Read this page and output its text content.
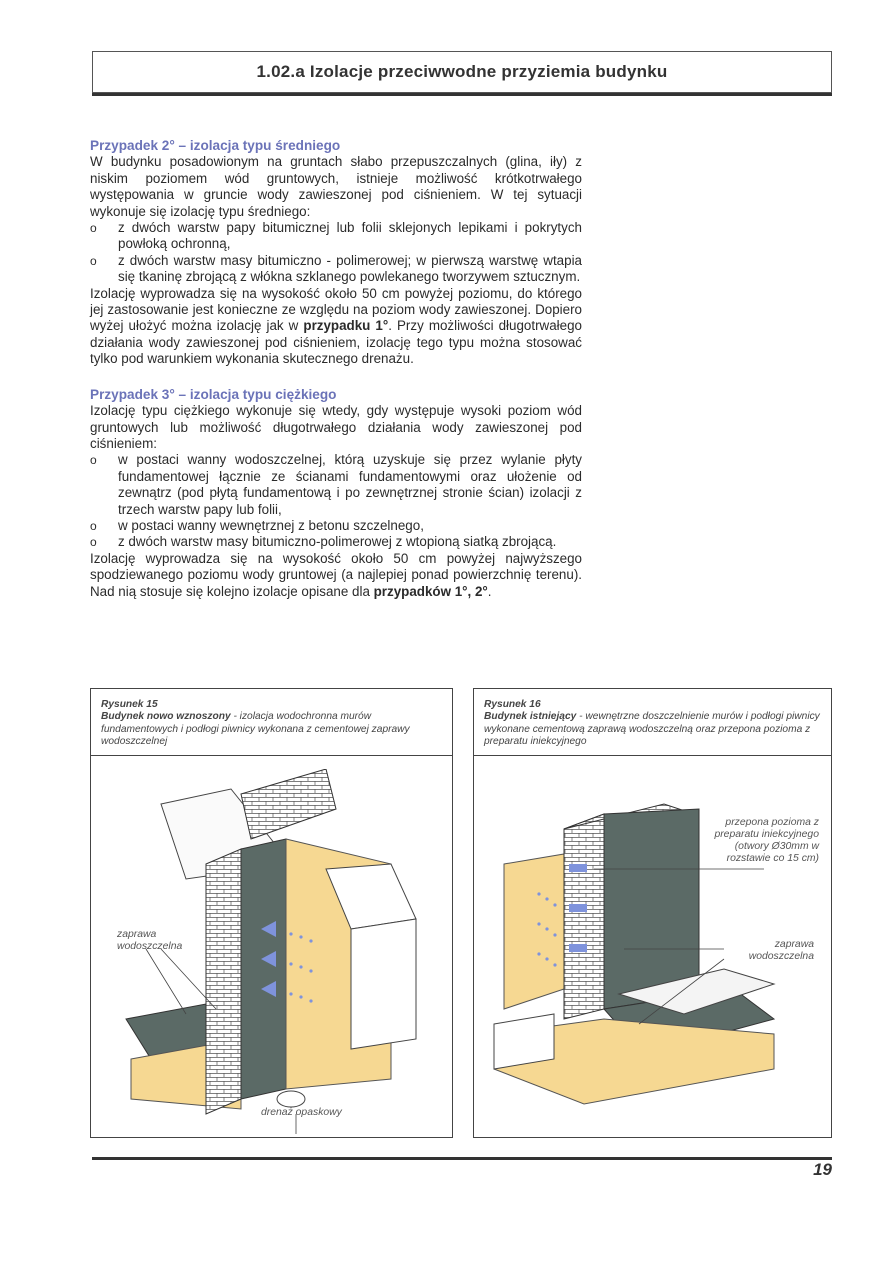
1.02.a Izolacje przeciwwodne przyziemia budynku
Przypadek 2° – izolacja typu średniego

W budynku posadowionym na gruntach słabo przepuszczalnych (glina, iły) z niskim poziomem wód gruntowych, istnieje możliwość krótkotrwałego występowania w gruncie wody zawieszonej pod ciśnieniem. W tej sytuacji wykonuje się izolację typu średniego:

o z dwóch warstw papy bitumicznej lub folii sklejonych lepikami i pokrytych powłoką ochronną,
o z dwóch warstw masy bitumiczno - polimerowej; w pierwszą warstwę wtapia się tkaninę zbrojącą z włókna szklanego powlekanego tworzywem sztucznym.

Izolację wyprowadza się na wysokość około 50 cm powyżej poziomu, do którego jej zastosowanie jest konieczne ze względu na poziom wody zawieszonej. Dopiero wyżej ułożyć można izolację jak w przypadku 1°. Przy możliwości długotrwałego działania wody zawieszonej pod ciśnieniem, izolację tego typu można stosować tylko pod warunkiem wykonania skutecznego drenażu.

Przypadek 3° – izolacja typu ciężkiego

Izolację typu ciężkiego wykonuje się wtedy, gdy występuje wysoki poziom wód gruntowych lub możliwość długotrwałego działania wody zawieszonej pod ciśnieniem:

o w postaci wanny wodoszczelnej, którą uzyskuje się przez wylanie płyty fundamentowej łącznie ze ścianami fundamentowymi oraz ułożenie od zewnątrz (pod płytą fundamentową i po zewnętrznej stronie ścian) izolacji z trzech warstw papy lub folii,
o w postaci wanny wewnętrznej z betonu szczelnego,
o z dwóch warstw masy bitumiczno-polimerowej z wtopioną siatką zbrojącą.

Izolację wyprowadza się na wysokość około 50 cm powyżej najwyższego spodziewanego poziomu wody gruntowej (a najlepiej ponad powierzchnię terenu). Nad nią stosuje się kolejno izolacje opisane dla przypadków 1°, 2°.

Rysunek 15
Budynek nowo wznoszony - izolacja wodochronna murów fundamentowych i podłogi piwnicy wykonana z cementowej zaprawy wodoszczelnej
zaprawa wodoszczelna
drenaż opaskowy
Rysunek 16
Budynek istniejący - wewnętrzne doszczelnienie murów i podłogi piwnicy wykonane cementową zaprawą wodoszczelną oraz przepona pozioma z preparatu iniekcyjnego
przepona pozioma z preparatu iniekcyjnego (otwory Ø30mm w rozstawie co 15 cm)
zaprawa wodoszczelna
19
